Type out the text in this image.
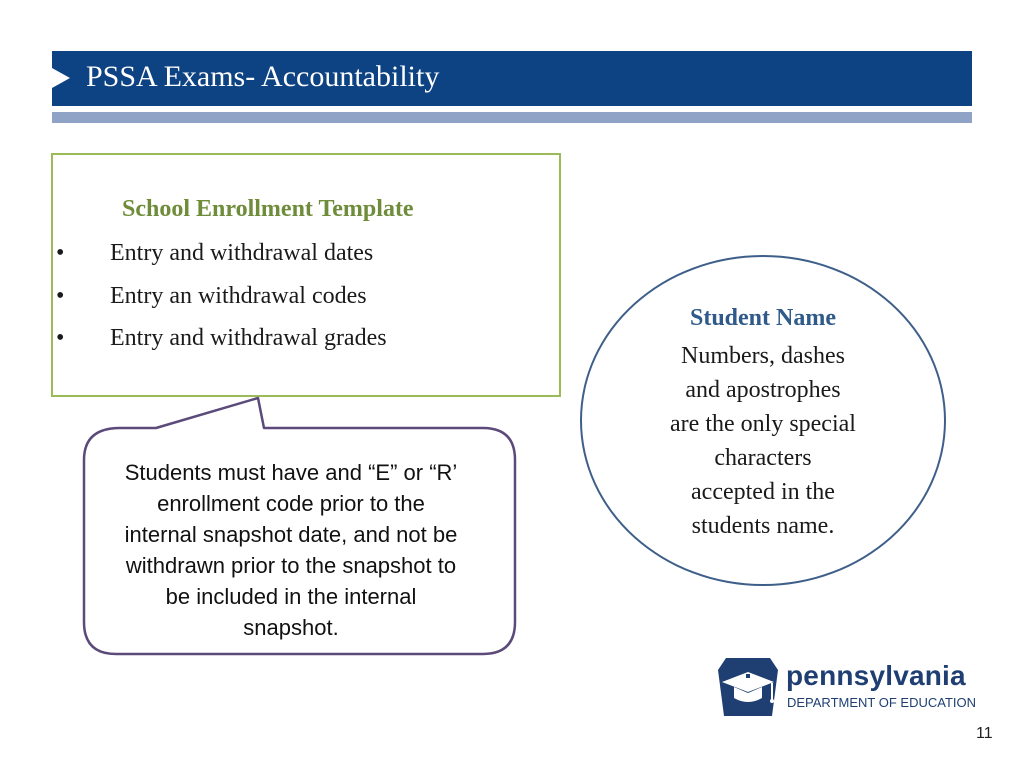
PSSA Exams- Accountability
School Enrollment Template
• Entry and withdrawal dates
• Entry an withdrawal codes
• Entry and withdrawal grades
Students must have and “E” or “R’
enrollment code prior to the
internal snapshot date, and not be
withdrawn prior to the snapshot to
be included in the internal
snapshot.
Student Name
Numbers, dashes
and apostrophes
are the only special
characters
accepted in the
students name.
pennsylvania
DEPARTMENT OF EDUCATION
11
